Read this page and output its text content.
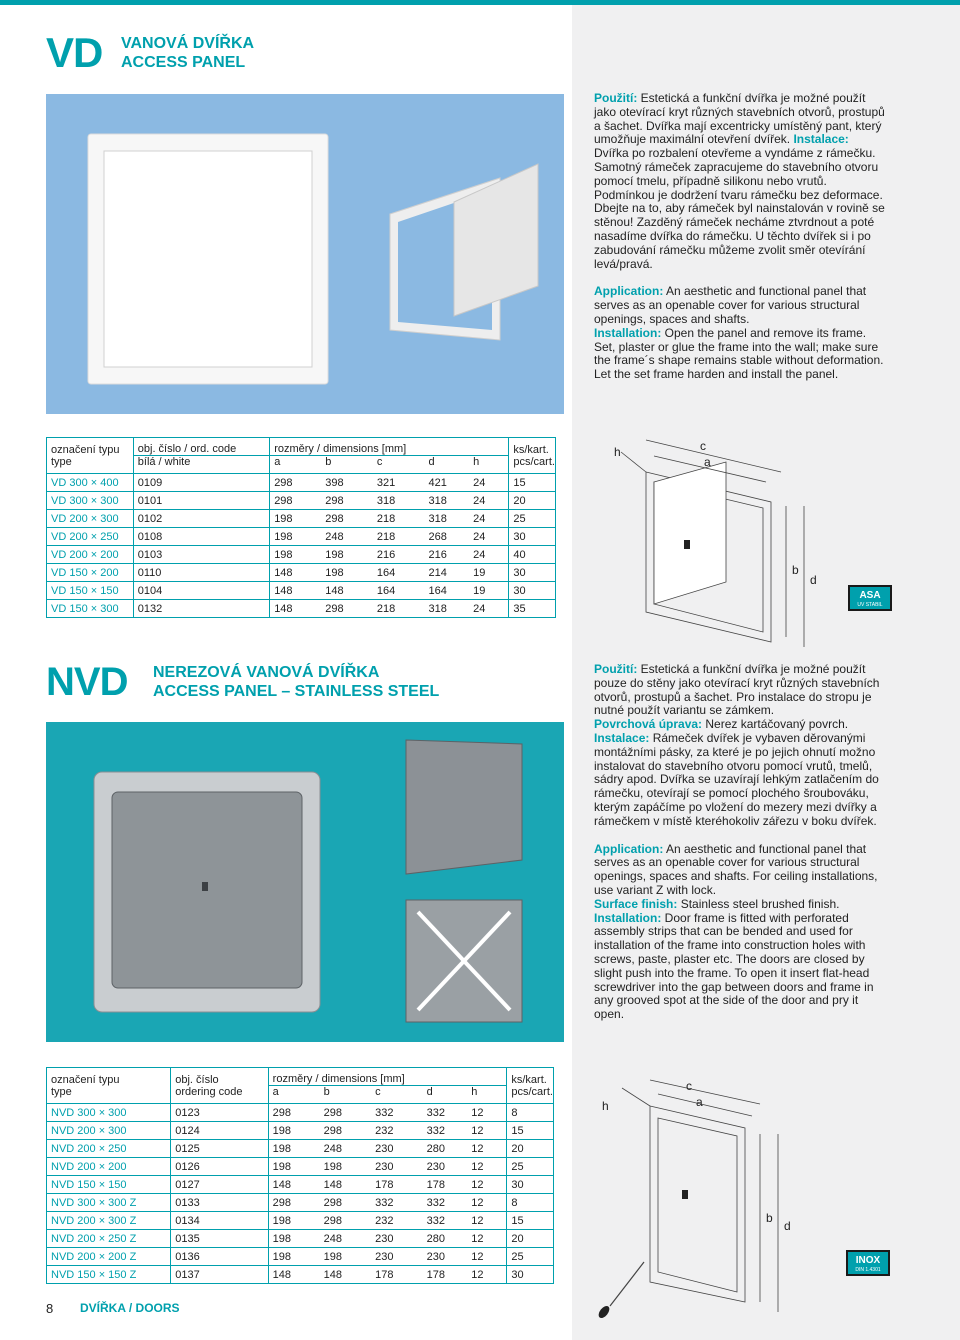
VD VANOVÁ DVÍŘKA
ACCESS PANEL

Použití: Estetická a funkční dvířka je možné použít jako otevírací kryt různých stavebních otvorů, prostupů a šachet. Dvířka mají excentricky umístěný pant, který umožňuje maximální otevření dvířek. Instalace: Dvířka po rozbalení otevřeme a vyndáme z rámečku. Samotný rámeček zapracujeme do stavebního otvoru pomocí tmelu, případně silikonu nebo vrutů. Podmínkou je dodržení tvaru rámečku bez deformace. Dbejte na to, aby rámeček byl nainstalován v rovině se stěnou! Zazděný rámeček necháme ztvrdnout a poté nasadíme dvířka do rámečku. U těchto dvířek si i po zabudování rámečku můžeme zvolit směr otevírání levá/pravá.

Application: An aesthetic and functional panel that serves as an openable cover for various structural openings, spaces and shafts.
Installation: Open the panel and remove its frame. Set, plaster or glue the frame into the wall; make sure the frame´s shape remains stable without deformation. Let the set frame harden and install the panel.

označení typu	obj. číslo / ord. code	rozměry / dimensions [mm]					ks/kart.
type	bílá / white	a	b	c	d	h	pcs/cart.
VD 300 × 400	0109	298	398	321	421	24	15
VD 300 × 300	0101	298	298	318	318	24	20
VD 200 × 300	0102	198	298	218	318	24	25
VD 200 × 250	0108	198	248	218	268	24	30
VD 200 × 200	0103	198	198	216	216	24	40
VD 150 × 200	0110	148	198	164	214	19	30
VD 150 × 150	0104	148	148	164	164	19	30
VD 150 × 300	0132	148	298	218	318	24	35
h	c
a
b
d
ASA
UV STABIL
NVD NEREZOVÁ VANOVÁ DVÍŘKA
ACCESS PANEL – STAINLESS STEEL

Použití: Estetická a funkční dvířka je možné použít pouze do stěny jako otevírací kryt různých stavebních otvorů, prostupů a šachet. Pro instalace do stropu je nutné použít variantu se zámkem.
Povrchová úprava: Nerez kartáčovaný povrch.
Instalace: Rámeček dvířek je vybaven děrovanými montážními pásky, za které je po jejich ohnutí možno instalovat do stavebního otvoru pomocí vrutů, tmelů, sádry apod. Dvířka se uzavírají lehkým zatlačením do rámečku, otevírají se pomocí plochého šroubováku, kterým zapáčíme po vložení do mezery mezi dvířky a rámečkem v místě kteréhokoliv zářezu v boku dvířek.

Application: An aesthetic and functional panel that serves as an openable cover for various structural openings, spaces and shafts. For ceiling installations, use variant Z with lock.
Surface finish: Stainless steel brushed finish.
Installation: Door frame is fitted with perforated assembly strips that can be bended and used for installation of the frame into construction holes with screws, paste, plaster etc. The doors are closed by slight push into the frame. To open it insert flat-head screwdriver into the gap between doors and frame in any grooved spot at the side of the door and pry it open.

označení typu	obj. číslo	rozměry / dimensions [mm]					ks/kart.
type	ordering code	a	b	c	d	h	pcs/cart.
NVD 300 × 300	0123	298	298	332	332	12	8
NVD 200 × 300	0124	198	298	232	332	12	15
NVD 200 × 250	0125	198	248	230	280	12	20
NVD 200 × 200	0126	198	198	230	230	12	25
NVD 150 × 150	0127	148	148	178	178	12	30
NVD 300 × 300 Z	0133	298	298	332	332	12	8
NVD 200 × 300 Z	0134	198	298	232	332	12	15
NVD 200 × 250 Z	0135	198	248	230	280	12	20
NVD 200 × 200 Z	0136	198	198	230	230	12	25
NVD 150 × 150 Z	0137	148	148	178	178	12	30
h
c
a
b
d
INOX
DIN 1.4301
8 DVÍŘKA / DOORS
